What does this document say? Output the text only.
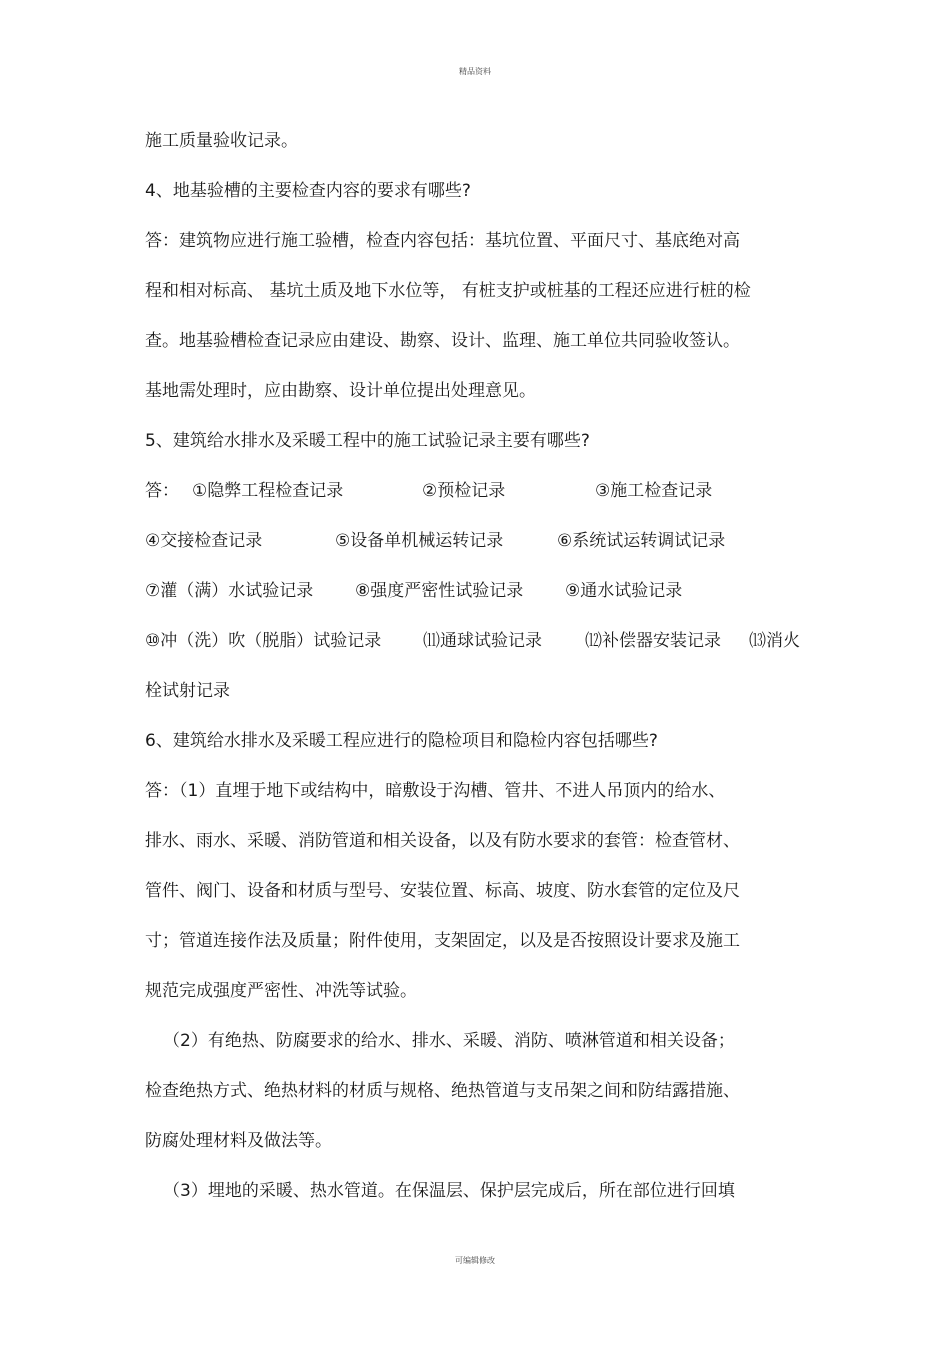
精品资料
施工质量验收记录。
4、地基验槽的主要检查内容的要求有哪些?
答：建筑物应进行施工验槽，检查内容包括：基坑位置、平面尺寸、基底绝对高
程和相对标高、 基坑土质及地下水位等， 有桩支护或桩基的工程还应进行桩的检
查。地基验槽检查记录应由建设、勘察、设计、监理、施工单位共同验收签认。
基地需处理时，应由勘察、设计单位提出处理意见。
5、建筑给水排水及采暖工程中的施工试验记录主要有哪些?
答： ①隐弊工程检查记录	②预检记录	③施工检查记录
④交接检查记录	⑤设备单机械运转记录	⑥系统试运转调试记录
⑦灌（满）水试验记录 ⑧强度严密性试验记录 ⑨通水试验记录
⑩冲（洗）吹（脱脂）试验记录 ⑾通球试验记录	⑿补偿器安装记录 ⒀消火
栓试射记录
6、建筑给水排水及采暖工程应进行的隐检项目和隐检内容包括哪些?
答：（1）直埋于地下或结构中，暗敷设于沟槽、管井、不进人吊顶内的给水、
排水、雨水、采暖、消防管道和相关设备，以及有防水要求的套管：检查管材、
管件、阀门、设备和材质与型号、安装位置、标高、坡度、防水套管的定位及尺
寸；管道连接作法及质量；附件使用，支架固定，以及是否按照设计要求及施工
规范完成强度严密性、冲洗等试验。
（2）有绝热、防腐要求的给水、排水、采暖、消防、喷淋管道和相关设备；
检查绝热方式、绝热材料的材质与规格、绝热管道与支吊架之间和防结露措施、
防腐处理材料及做法等。
（3）埋地的采暖、热水管道。在保温层、保护层完成后，所在部位进行回填
可编辑修改
